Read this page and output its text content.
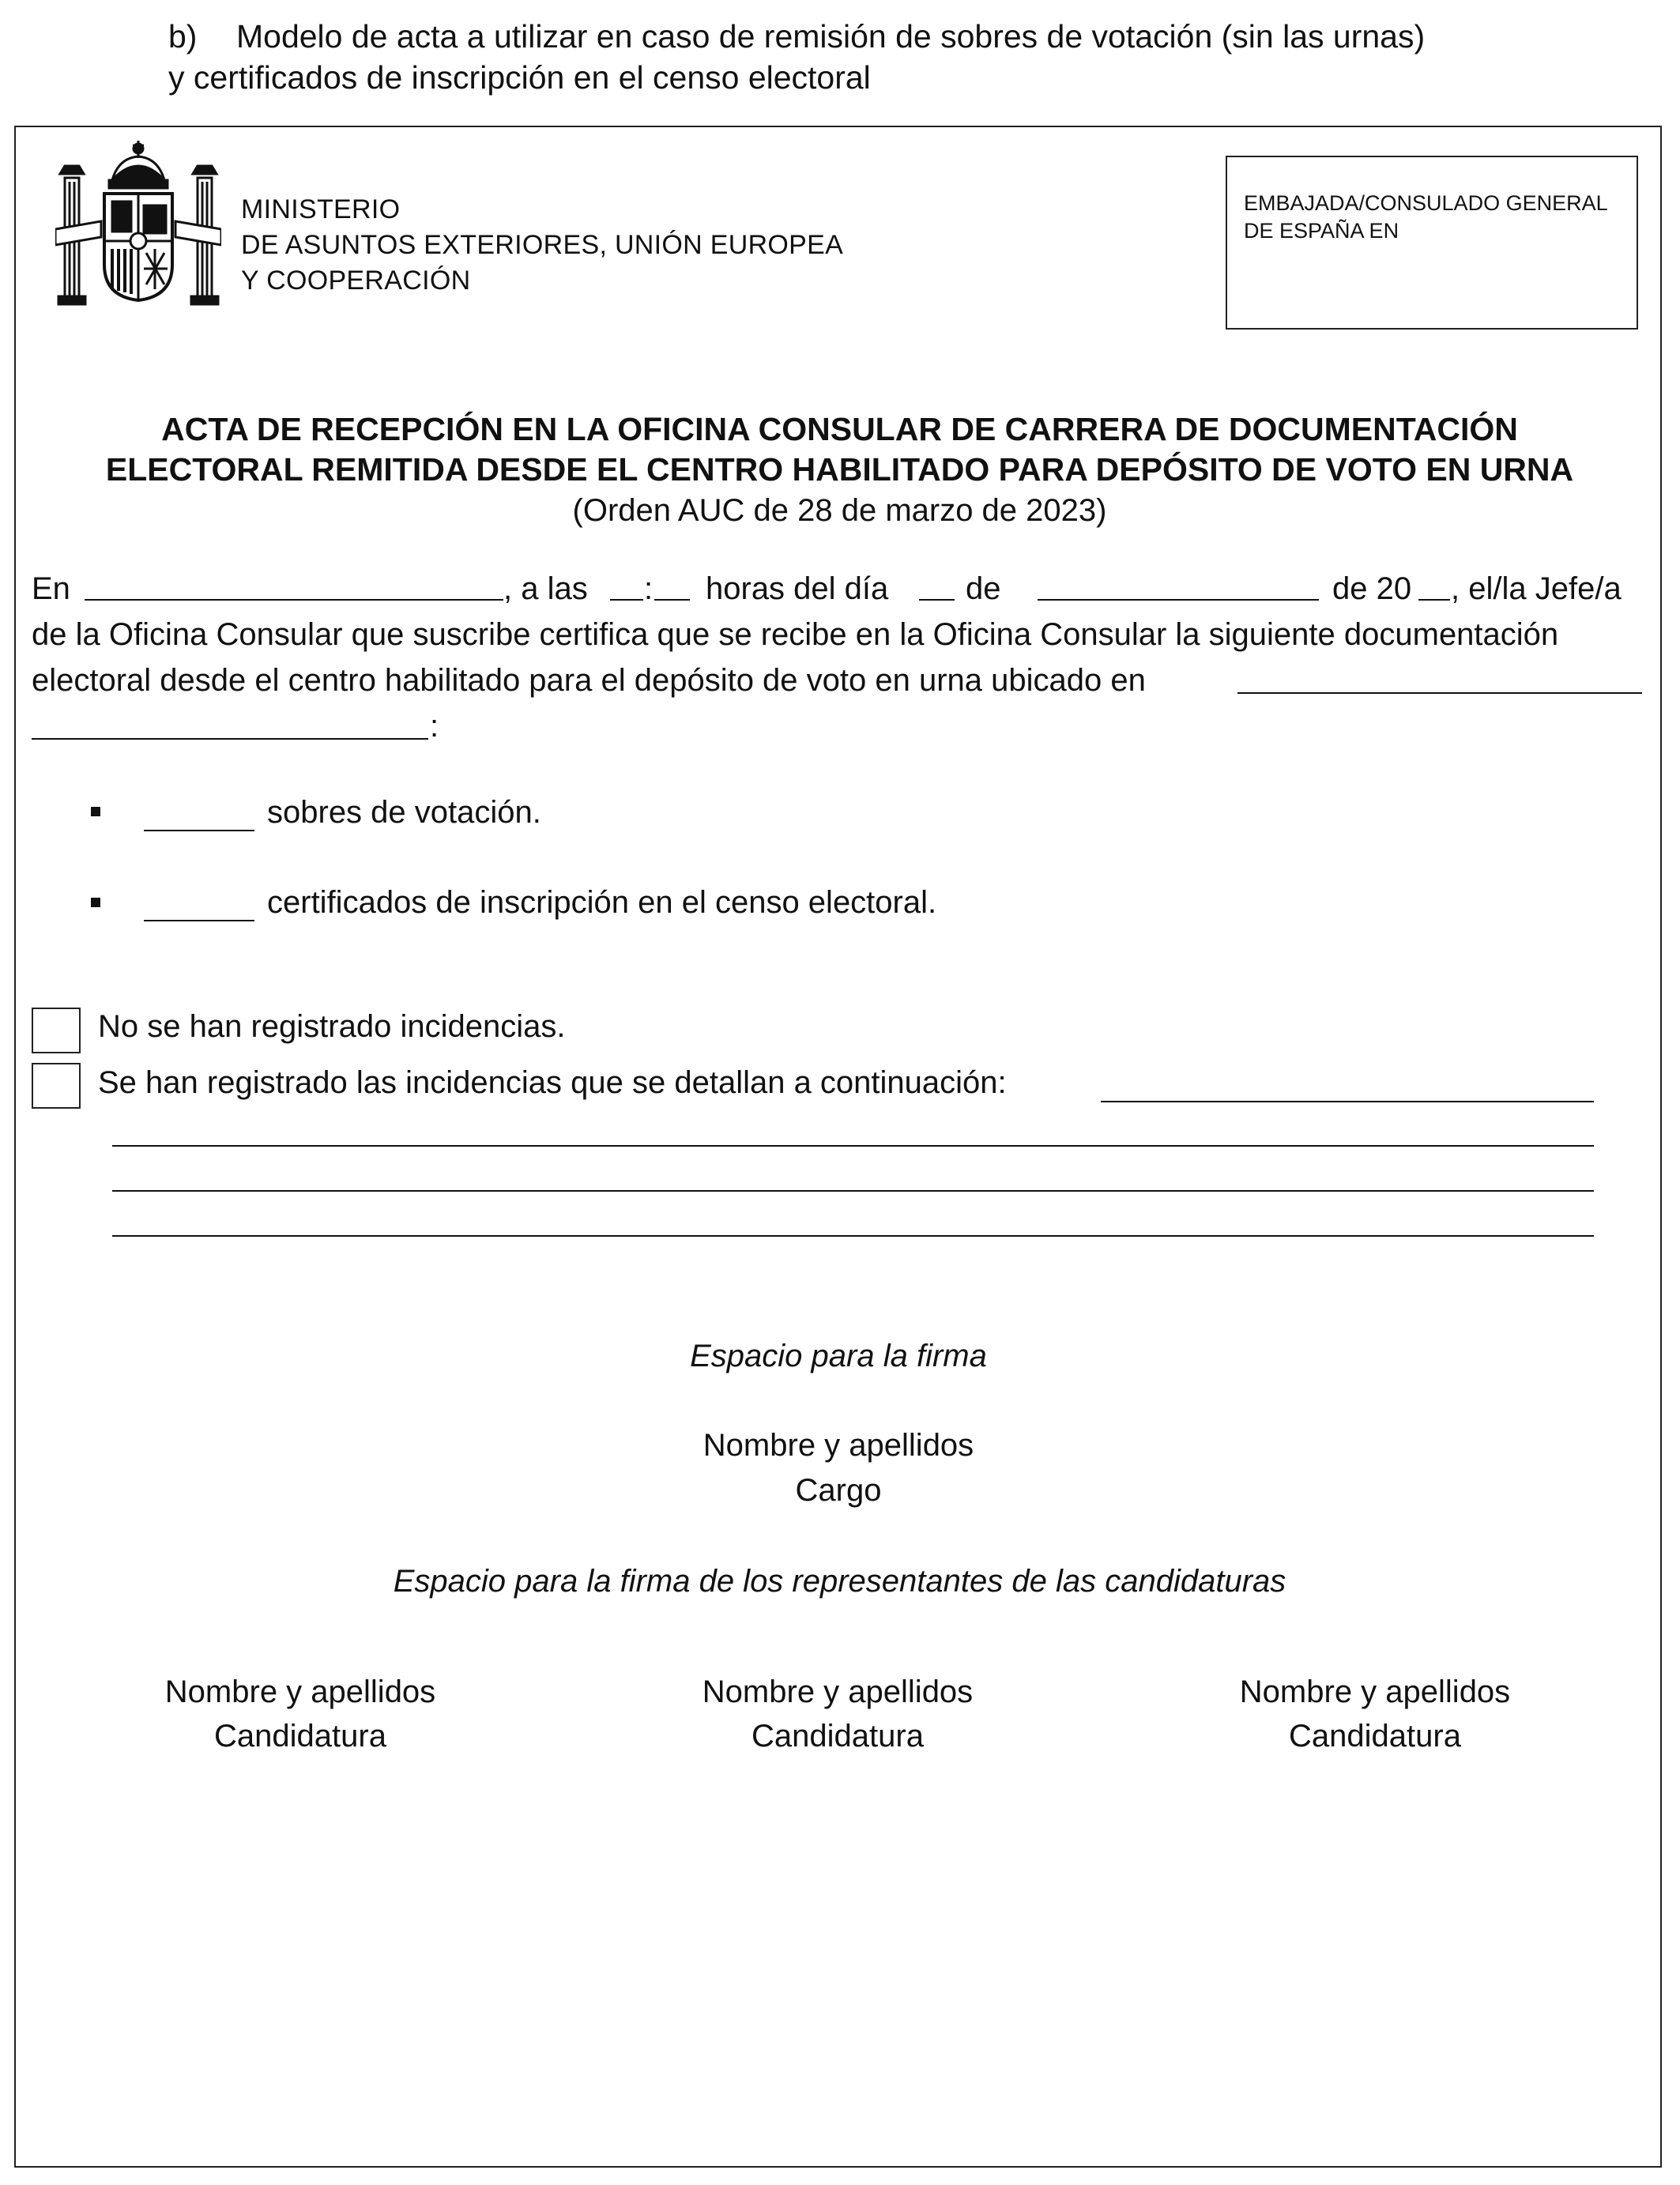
b) Modelo de acta a utilizar en caso de remisión de sobres de votación (sin las urnas)
y certificados de inscripción en el censo electoral
MINISTERIO
DE ASUNTOS EXTERIORES, UNIÓN EUROPEA
Y COOPERACIÓN
EMBAJADA/CONSULADO GENERAL
DE ESPAÑA EN
ACTA DE RECEPCIÓN EN LA OFICINA CONSULAR DE CARRERA DE DOCUMENTACIÓN
ELECTORAL REMITIDA DESDE EL CENTRO HABILITADO PARA DEPÓSITO DE VOTO EN URNA
(Orden AUC de 28 de marzo de 2023)
En	, a las : horas del día de	de 20 , el/la Jefe/a
de la Oficina Consular que suscribe certifica que se recibe en la Oficina Consular la siguiente documentación
electoral desde el centro habilitado para el depósito de voto en urna ubicado en
:
sobres de votación.
certificados de inscripción en el censo electoral.
No se han registrado incidencias.
Se han registrado las incidencias que se detallan a continuación:
Espacio para la firma
Nombre y apellidos
Cargo
Espacio para la firma de los representantes de las candidaturas
Nombre y apellidos
Candidatura
Nombre y apellidos
Candidatura
Nombre y apellidos
Candidatura
